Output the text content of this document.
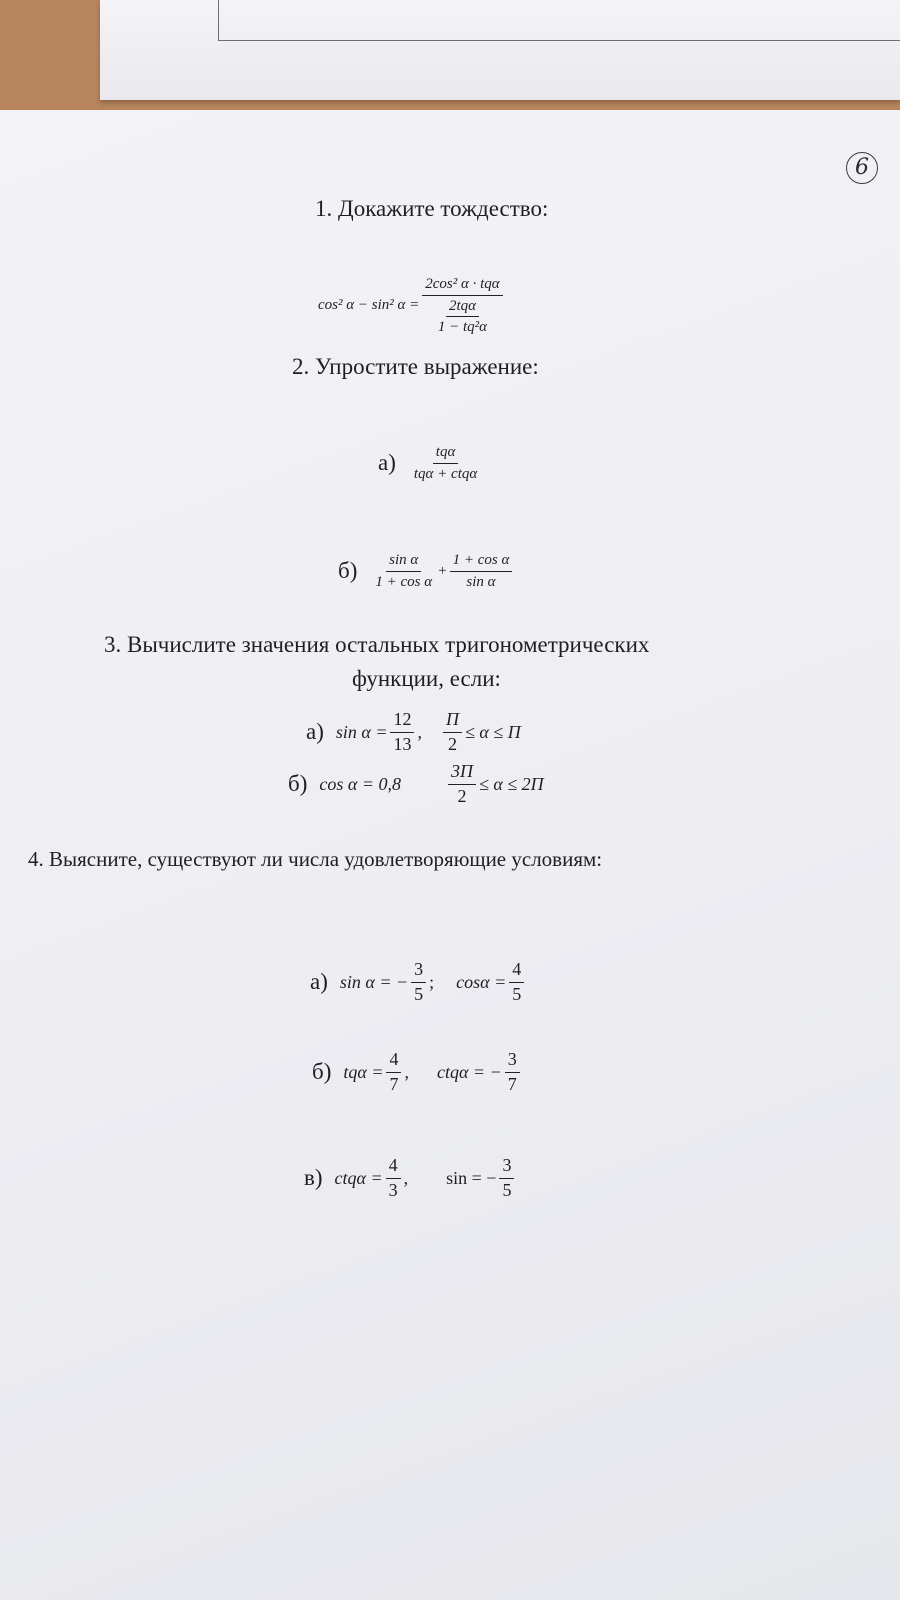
6
1. Докажите тождество:
cos² α − sin² $\alpha = \frac{\text{2cos² α · tqα}}{\frac{\text{2tqα}}{\text{1 − tq²α}}}$
2. Упростите выражение:
$а) \frac{\text{tqα}}{\text{tqα + ctqα}}$
$б) \frac{\text{sin α}}{\text{1 + cos α}} + \frac{\text{1 + cos α}}{\text{sin α}}$
3. Вычислите значения остальных тригонометрических
функции, если:
а) $\sin \alpha = \frac{12}{13}$ , $\frac{П}{2} \le \alpha \le П$
б) cos α = 0,8	$\frac{3П}{2} \le \alpha \le 2П$
4. Выясните, существуют ли числа удовлетворяющие условиям:
а) sin α = − $\frac{3}{5}$ ; $\cos\alpha = \frac{4}{5}$
б) $tq\alpha = \frac{4}{7}$ , ctqα = − $\frac{3}{7}$
в) $ctq\alpha = \frac{4}{3}$ , sin = − $\frac{3}{5}$
